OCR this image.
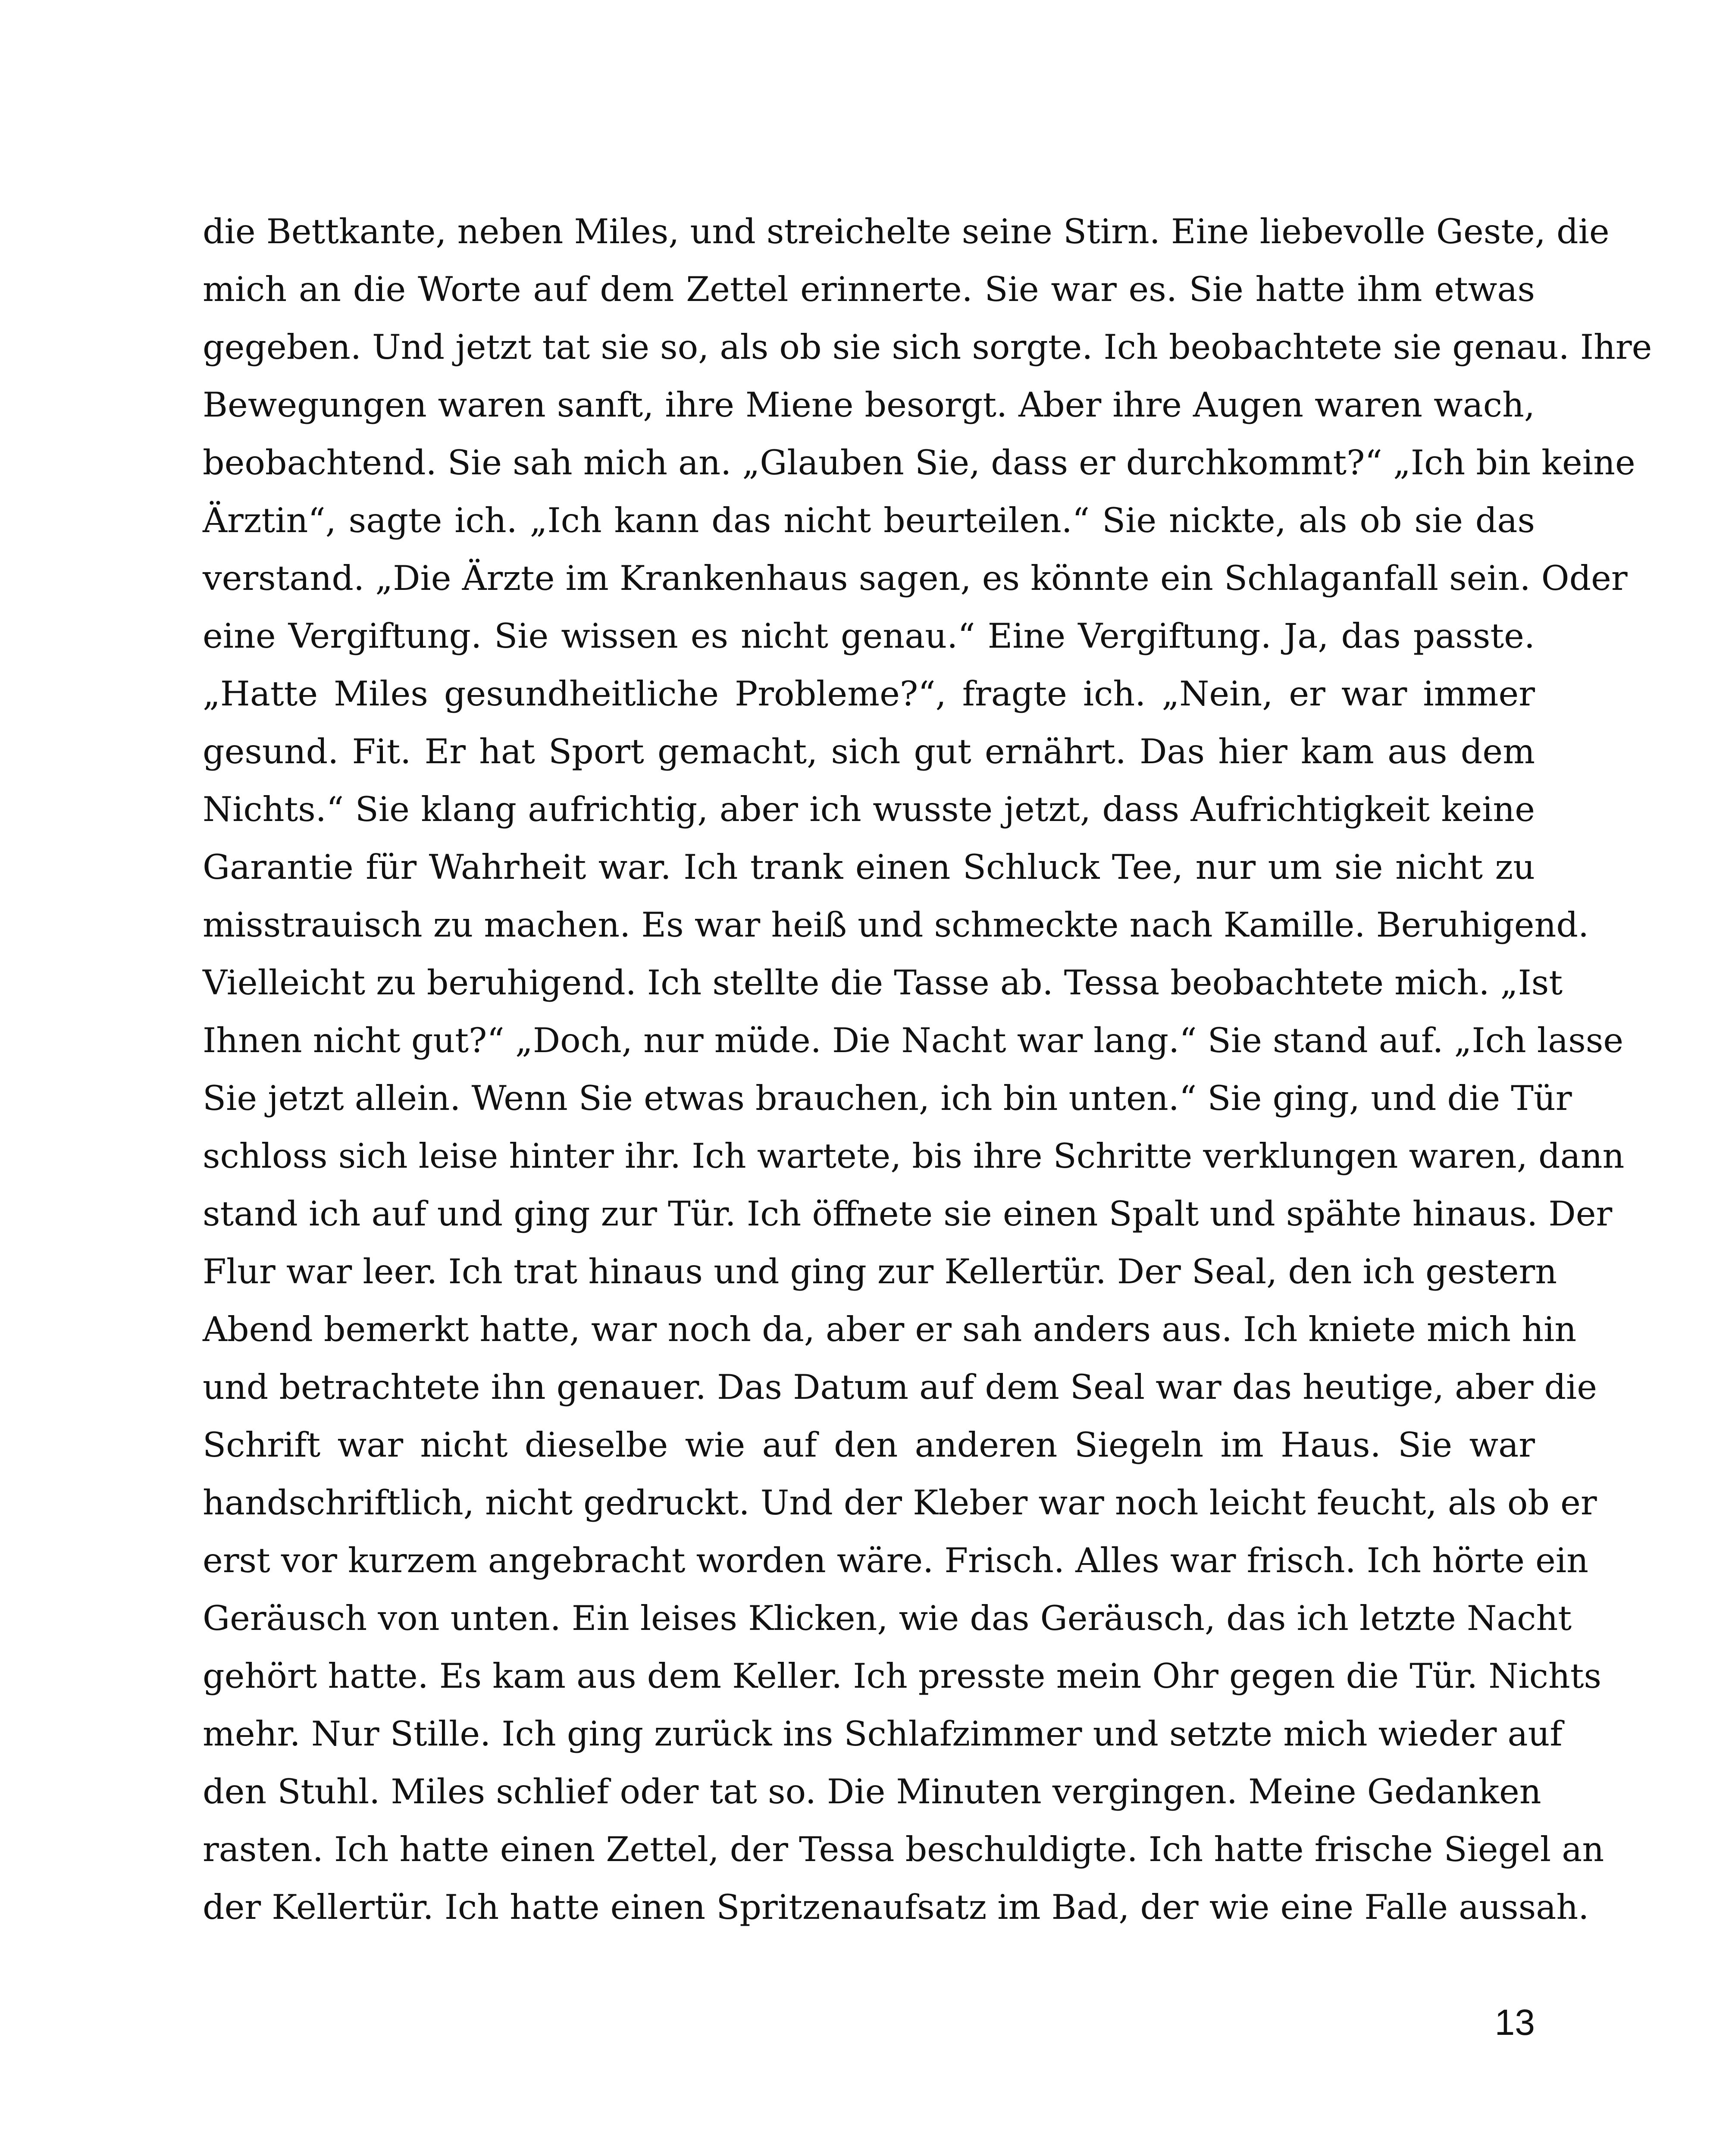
die Bettkante, neben Miles, und streichelte seine Stirn. Eine liebevolle Geste, die
mich an die Worte auf dem Zettel erinnerte. Sie war es. Sie hatte ihm etwas
gegeben. Und jetzt tat sie so, als ob sie sich sorgte. Ich beobachtete sie genau. Ihre
Bewegungen waren sanft, ihre Miene besorgt. Aber ihre Augen waren wach,
beobachtend. Sie sah mich an. „Glauben Sie, dass er durchkommt?“ „Ich bin keine
Ärztin“, sagte ich. „Ich kann das nicht beurteilen.“ Sie nickte, als ob sie das
verstand. „Die Ärzte im Krankenhaus sagen, es könnte ein Schlaganfall sein. Oder
eine Vergiftung. Sie wissen es nicht genau.“ Eine Vergiftung. Ja, das passte.
„Hatte Miles gesundheitliche Probleme?“, fragte ich. „Nein, er war immer
gesund. Fit. Er hat Sport gemacht, sich gut ernährt. Das hier kam aus dem
Nichts.“ Sie klang aufrichtig, aber ich wusste jetzt, dass Aufrichtigkeit keine
Garantie für Wahrheit war. Ich trank einen Schluck Tee, nur um sie nicht zu
misstrauisch zu machen. Es war heiß und schmeckte nach Kamille. Beruhigend.
Vielleicht zu beruhigend. Ich stellte die Tasse ab. Tessa beobachtete mich. „Ist
Ihnen nicht gut?“ „Doch, nur müde. Die Nacht war lang.“ Sie stand auf. „Ich lasse
Sie jetzt allein. Wenn Sie etwas brauchen, ich bin unten.“ Sie ging, und die Tür
schloss sich leise hinter ihr. Ich wartete, bis ihre Schritte verklungen waren, dann
stand ich auf und ging zur Tür. Ich öffnete sie einen Spalt und spähte hinaus. Der
Flur war leer. Ich trat hinaus und ging zur Kellertür. Der Seal, den ich gestern
Abend bemerkt hatte, war noch da, aber er sah anders aus. Ich kniete mich hin
und betrachtete ihn genauer. Das Datum auf dem Seal war das heutige, aber die
Schrift war nicht dieselbe wie auf den anderen Siegeln im Haus. Sie war
handschriftlich, nicht gedruckt. Und der Kleber war noch leicht feucht, als ob er
erst vor kurzem angebracht worden wäre. Frisch. Alles war frisch. Ich hörte ein
Geräusch von unten. Ein leises Klicken, wie das Geräusch, das ich letzte Nacht
gehört hatte. Es kam aus dem Keller. Ich presste mein Ohr gegen die Tür. Nichts
mehr. Nur Stille. Ich ging zurück ins Schlafzimmer und setzte mich wieder auf
den Stuhl. Miles schlief oder tat so. Die Minuten vergingen. Meine Gedanken
rasten. Ich hatte einen Zettel, der Tessa beschuldigte. Ich hatte frische Siegel an
der Kellertür. Ich hatte einen Spritzenaufsatz im Bad, der wie eine Falle aussah.
13
